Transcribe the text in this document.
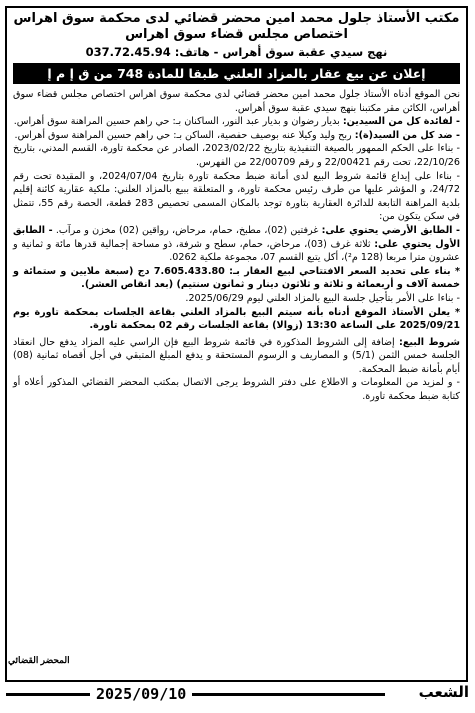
مكتب الأستاذ جلول محمد امين محضر قضائي لدى محكمة سوق اهراس
اختصاص مجلس قضاء سوق اهراس
نهج سيدي عقبة سوق أهراس - هاتف: 037.72.45.94
إعلان عن بيع عقار بالمزاد العلني طبقا للمادة 748 من ق إ م إ

نحن الموقع أدناه الأستاذ جلول محمد امين محضر قضائي لدى محكمة سوق اهراس اختصاص مجلس قضاء سوق أهراس، الكائن مقر مكتبنا بنهج سيدي عقبة سوق أهراس.

- لفائدة كل من السيدين: بديار رضوان و بديار عبد النور، الساكنان بـ: حي راهم حسين المراهنة سوق أهراس.

- ضد كل من السيد(ة): ربح وليد وكيلا عنه بوصيف حفصية، الساكن بـ: حي راهم حسين المراهنة سوق أهراس.

- بناءا على الحكم الممهور بالصيغة التنفيذية بتاريخ 2023/02/22، الصادر عن محكمة تاورة، القسم المدني، بتاريخ 22/10/26، تحت رقم 22/00421 و رقم 22/00709 من الفهرس.

- بناءا على إيداع قائمة شروط البيع لدى أمانة ضبط محكمة تاورة بتاريخ 2024/07/04، و المقيدة تحت رقم 24/72، و المؤشر عليها من طرف رئيس محكمة تاورة، و المتعلقة ببيع بالمزاد العلني: ملكية عقارية كائنة إقليم بلدية المراهنة التابعة للدائرة العقارية بتاورة توجد بالمكان المسمى تحصيص 283 قطعة، الحصة رقم 55، تتمثل في سكن يتكون من:

- الطابق الأرضي يحتوي على: غرفتين (02)، مطبخ، حمام، مرحاض، رواقين (02) مخزن و مرآب. - الطابق الأول يحتوي على: ثلاثة غرف (03)، مرحاض، حمام، سطح و شرفة، ذو مساحة إجمالية قدرها مائة و ثمانية و عشرون مترا مربعا (128 م²)، أكل يتبع القسم 07، مجموعة ملكية 0262.

* بناء على تحديد السعر الافتتاحي لبيع العقار بـ: 7.605.433.80 دج (سبعة ملايين و ستمائة و خمسة آلاف و أربعمائة و ثلاثة و ثلاثون دينار و ثمانون سنتيم) (بعد انقاص العشر).

- بناءا على الأمر بتأجيل جلسة البيع بالمزاد العلني ليوم 2025/06/29.

* يعلن الأستاذ الموقع أدناه بأنه سيتم البيع بالمزاد العلني بقاعة الجلسات بمحكمة تاورة يوم 2025/09/21 على الساعة 13:30 (زوالا) بقاعة الجلسات رقم 02 بمحكمة تاورة.

شروط البيع: إضافة إلى الشروط المذكورة في قائمة شروط البيع فإن الراسي عليه المزاد يدفع حال انعقاد الجلسة خمس الثمن (5/1) و المصاريف و الرسوم المستحقة و يدفع المبلغ المتبقي في أجل أقصاه ثمانية (08) أيام بأمانة ضبط المحكمة.

- و لمزيد من المعلومات و الاطلاع على دفتر الشروط يرجى الاتصال بمكتب المحضر القضائي المذكور أعلاه أو كتابة ضبط محكمة تاورة.

المحضر القضائي
الشعب
2025/09/10
